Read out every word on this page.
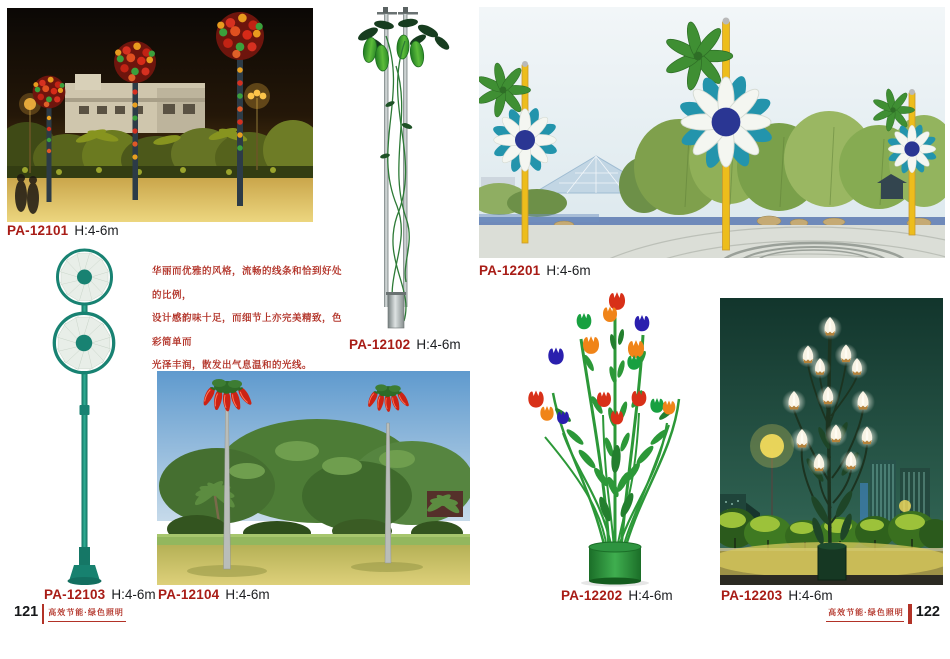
PA-12101 H:4-6m
PA-12102 H:4-6m
PA-12201 H:4-6m
PA-12103 H:4-6m
华丽而优雅的风格，流畅的线条和恰到好处的比例，
设计感韵味十足，而细节上亦完美精致，色彩简单而
光泽丰润，散发出气息温和的光线。
PA-12104 H:4-6m	PA-12202 H:4-6m	PA-12203 H:4-6m
121 高效节能·绿色照明	高效节能·绿色照明 122
